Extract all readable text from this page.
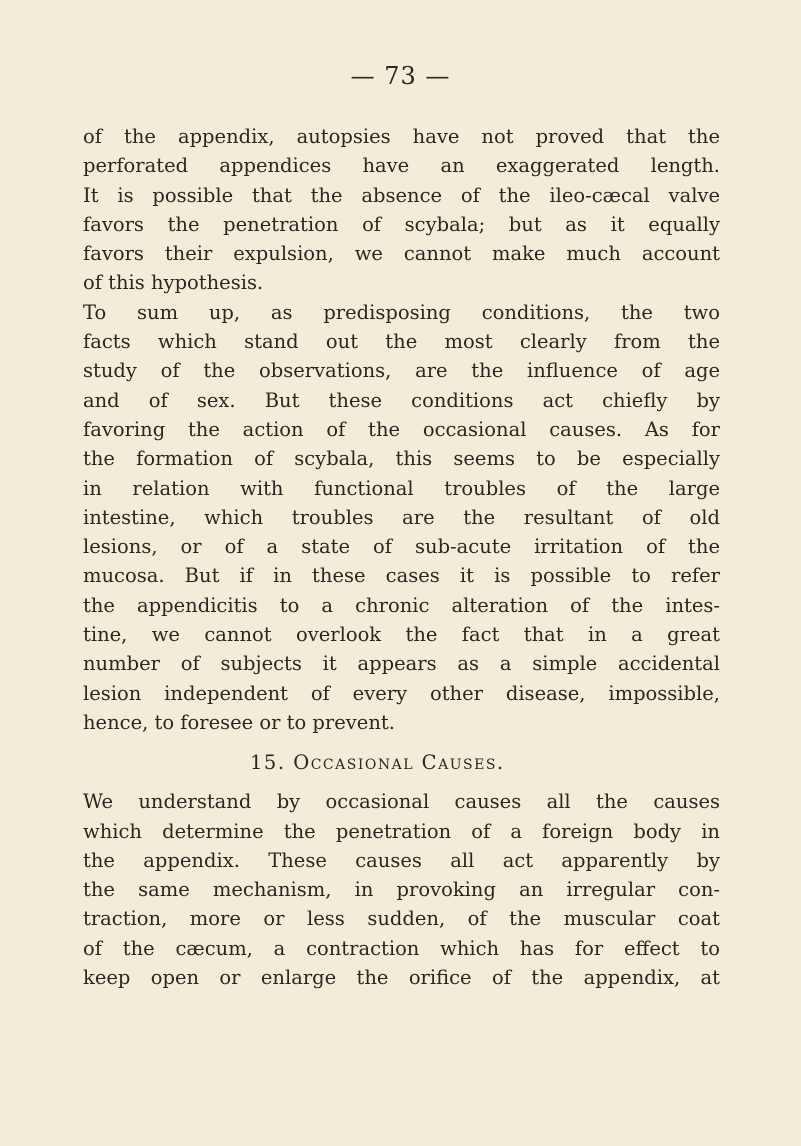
— 73 —
of the appendix, autopsies have not proved that the
perforated appendices have an exaggerated length.
It is possible that the absence of the ileo-cæcal valve
favors the penetration of scybala; but as it equally
favors their expulsion, we cannot make much account
of this hypothesis.
To sum up, as predisposing conditions, the two
facts which stand out the most clearly from the
study of the observations, are the influence of age
and of sex. But these conditions act chiefly by
favoring the action of the occasional causes. As for
the formation of scybala, this seems to be especially
in relation with functional troubles of the large
intestine, which troubles are the resultant of old
lesions, or of a state of sub-acute irritation of the
mucosa. But if in these cases it is possible to refer
the appendicitis to a chronic alteration of the intes-
tine, we cannot overlook the fact that in a great
number of subjects it appears as a simple accidental
lesion independent of every other disease, impossible,
hence, to foresee or to prevent.
15. Occasional Causes.
We understand by occasional causes all the causes
which determine the penetration of a foreign body in
the appendix. These causes all act apparently by
the same mechanism, in provoking an irregular con-
traction, more or less sudden, of the muscular coat
of the cæcum, a contraction which has for effect to
keep open or enlarge the orifice of the appendix, at
